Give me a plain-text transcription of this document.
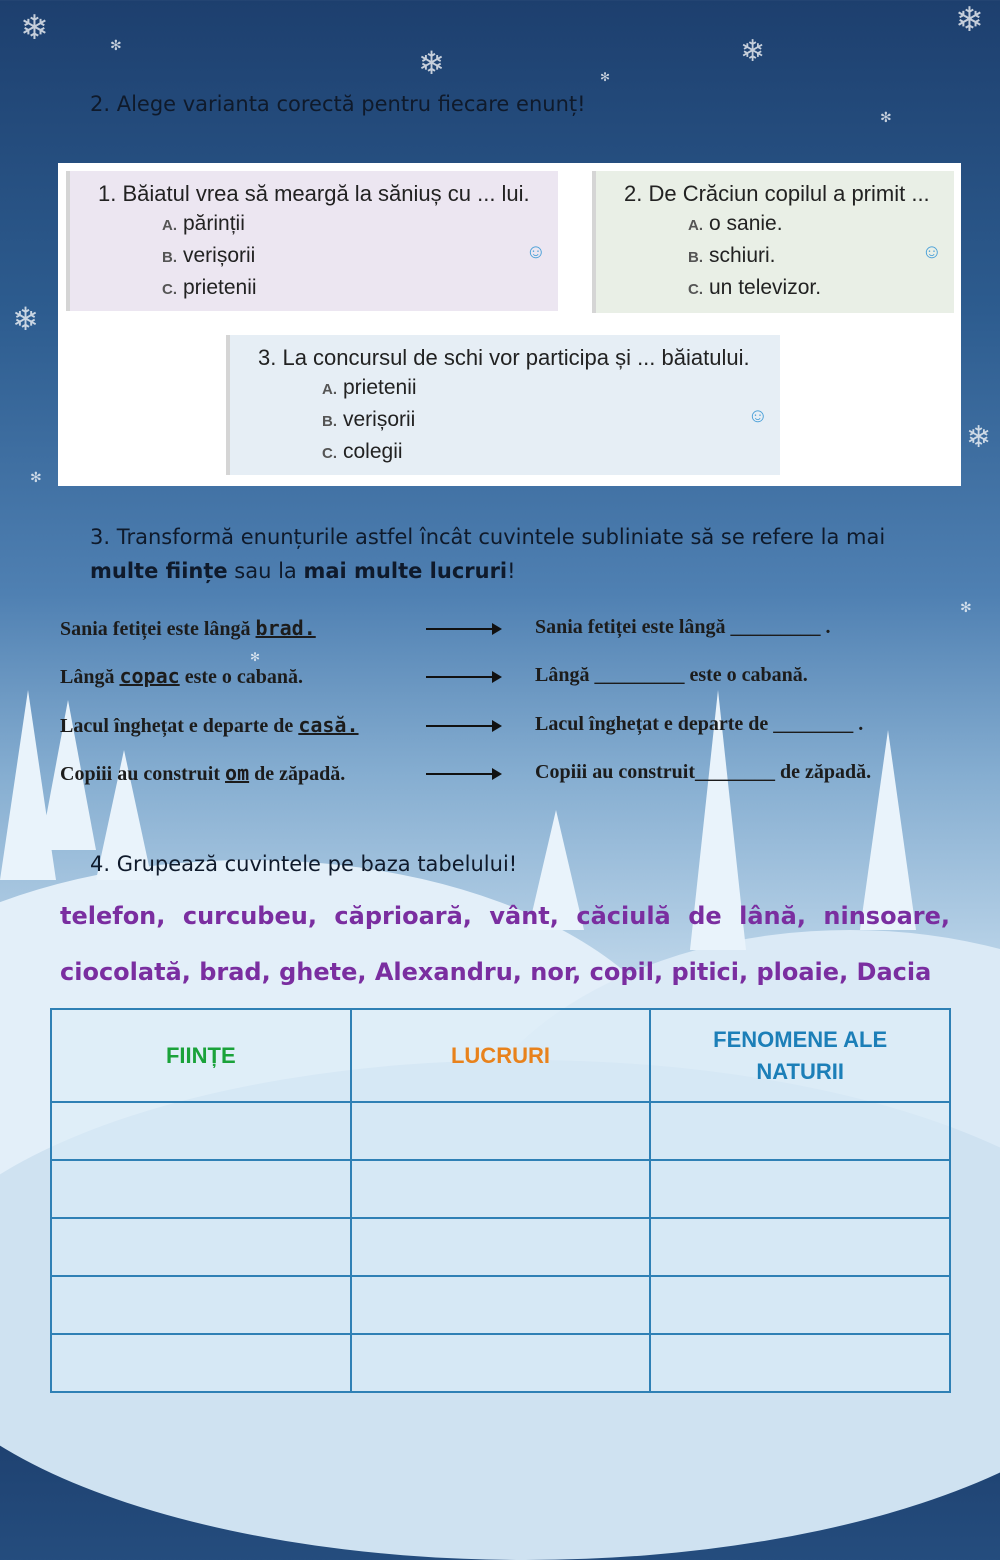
❄
❄	❄
❄
❄
❄
✻
✻
✻
✻
✻
✻
2. Alege varianta corectă pentru fiecare enunț!
1. Băiatul vrea să meargă la săniuș cu ... lui.
A. părinții
B. verișorii
C. prietenii
☺
2. De Crăciun copilul a primit ...
A. o sanie.
B. schiuri.
C. un televizor.
☺
3. La concursul de schi vor participa și ... băiatului.
A. prietenii
B. verișorii
C. colegii
☺
3. Transformă enunțurile astfel încât cuvintele subliniate să se refere la mai multe ființe sau la mai multe lucruri!
Sania fetiței este lângă brad.	Sania fetiței este lângă _________ .
Lângă copac este o cabană.	Lângă _________ este o cabană.
Lacul înghețat e departe de casă.	Lacul înghețat e departe de ________ .
Copiii au construit om de zăpadă.	Copiii au construit________ de zăpadă.
4. Grupează cuvintele pe baza tabelului!
telefon, curcubeu, căprioară, vânt, căciulă de lână, ninsoare,
ciocolată, brad, ghete, Alexandru, nor, copil, pitici, ploaie, Dacia
FIINȚE	LUCRURI	FENOMENE ALE NATURII
